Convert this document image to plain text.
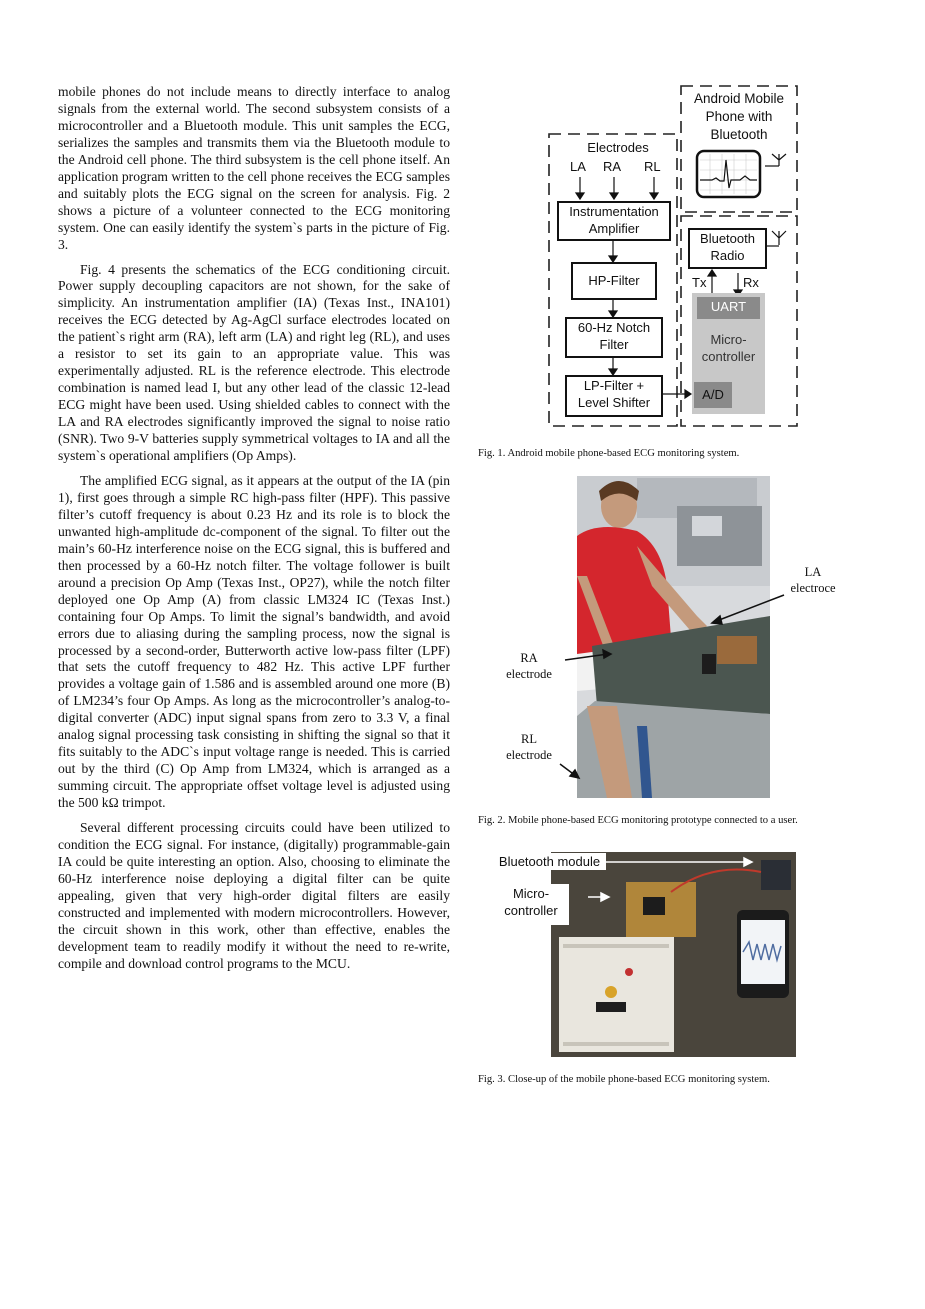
mobile phones do not include means to directly interface to analog signals from the external world. The second subsystem consists of a microcontroller and a Bluetooth module. This unit samples the ECG, serializes the samples and transmits them via the Bluetooth module to the Android cell phone. The third subsystem is the cell phone itself. An application program written to the cell phone receives the ECG samples and suitably plots the ECG signal on the screen for analysis. Fig. 2 shows a picture of a volunteer connected to the ECG monitoring system. One can easily identify the system`s parts in the picture of Fig. 3.

Fig. 4 presents the schematics of the ECG conditioning circuit. Power supply decoupling capacitors are not shown, for the sake of simplicity. An instrumentation amplifier (IA) (Texas Inst., INA101) receives the ECG detected by Ag-AgCl surface electrodes located on the patient`s right arm (RA), left arm (LA) and right leg (RL), and uses a resistor to set its gain to an appropriate value. This was experimentally adjusted. RL is the reference electrode. This electrode combination is named lead I, but any other lead of the classic 12-lead ECG might have been used. Using shielded cables to connect with the LA and RA electrodes significantly improved the signal to noise ratio (SNR). Two 9-V batteries supply symmetrical voltages to IA and all the system`s operational amplifiers (Op Amps).

The amplified ECG signal, as it appears at the output of the IA (pin 1), first goes through a simple RC high-pass filter (HPF). This passive filter’s cutoff frequency is about 0.23 Hz and its role is to block the unwanted high-amplitude dc-component of the signal. To filter out the main’s 60-Hz interference noise on the ECG signal, this is buffered and then processed by a 60-Hz notch filter. The voltage follower is built around a precision Op Amp (Texas Inst., OP27), while the notch filter deployed one Op Amp (A) from classic LM324 IC (Texas Inst.) containing four Op Amps. To limit the signal’s bandwidth, and avoid errors due to aliasing during the sampling process, now the signal is processed by a second-order, Butterworth active low-pass filter (LPF) that sets the cutoff frequency to 482 Hz. This active LPF further provides a voltage gain of 1.586 and is assembled around one more (B) of LM234’s four Op Amps. As long as the microcontroller’s analog-to-digital converter (ADC) input signal spans from zero to 3.3 V, a final analog signal processing task consisting in shifting the signal so that it fits suitably to the ADC`s input voltage range is needed. This is carried out by the third (C) Op Amp from LM324, which is arranged as a summing circuit. The appropriate offset voltage level is adjusted using the 500 kΩ trimpot.

Several different processing circuits could have been utilized to condition the ECG signal. For instance, (digitally) programmable-gain IA could be quite interesting an option. Also, choosing to eliminate the 60-Hz interference noise deploying a digital filter can be quite appealing, given that very high-order digital filters are easily constructed and implemented with modern microcontrollers. However, the circuit shown in this work, other than effective, enables the development team to readily modify it without the need to re-write, compile and download control programs to the MCU.

Android Mobile
Phone with
Bluetooth
Electrodes
LA RA RL
Instrumentation
Amplifier
HP-Filter
60-Hz Notch
Filter
LP-Filter +
Level Shifter
Bluetooth
Radio
Tx	Rx
UART
Micro-
controller
A/D
Fig. 1. Android mobile phone-based ECG monitoring system.
LA
electroce
RA
electrode
RL
electrode
Fig. 2. Mobile phone-based ECG monitoring prototype connected to a user.
Bluetooth module
Micro-
controller
Fig. 3. Close-up of the mobile phone-based ECG monitoring system.
